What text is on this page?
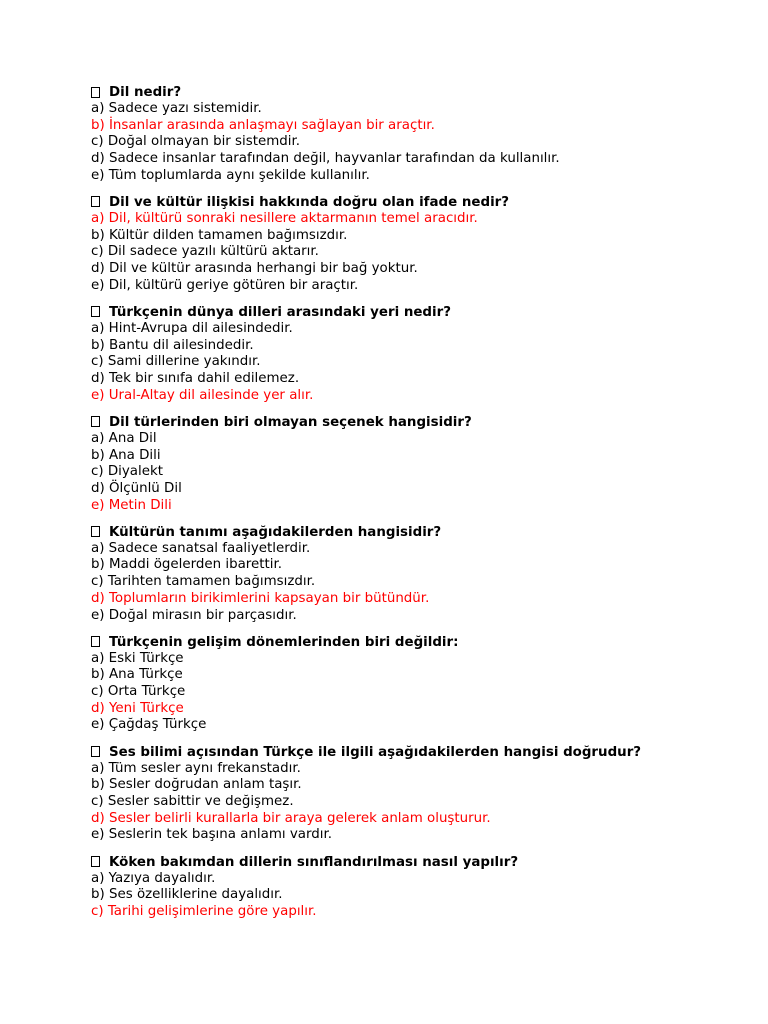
Dil nedir?
a) Sadece yazı sistemidir.
b) İnsanlar arasında anlaşmayı sağlayan bir araçtır.
c) Doğal olmayan bir sistemdir.
d) Sadece insanlar tarafından değil, hayvanlar tarafından da kullanılır.
e) Tüm toplumlarda aynı şekilde kullanılır.
Dil ve kültür ilişkisi hakkında doğru olan ifade nedir?
a) Dil, kültürü sonraki nesillere aktarmanın temel aracıdır.
b) Kültür dilden tamamen bağımsızdır.
c) Dil sadece yazılı kültürü aktarır.
d) Dil ve kültür arasında herhangi bir bağ yoktur.
e) Dil, kültürü geriye götüren bir araçtır.
Türkçenin dünya dilleri arasındaki yeri nedir?
a) Hint-Avrupa dil ailesindedir.
b) Bantu dil ailesindedir.
c) Sami dillerine yakındır.
d) Tek bir sınıfa dahil edilemez.
e) Ural-Altay dil ailesinde yer alır.
Dil türlerinden biri olmayan seçenek hangisidir?
a) Ana Dil
b) Ana Dili
c) Diyalekt
d) Ölçünlü Dil
e) Metin Dili
Kültürün tanımı aşağıdakilerden hangisidir?
a) Sadece sanatsal faaliyetlerdir.
b) Maddi ögelerden ibarettir.
c) Tarihten tamamen bağımsızdır.
d) Toplumların birikimlerini kapsayan bir bütündür.
e) Doğal mirasın bir parçasıdır.
Türkçenin gelişim dönemlerinden biri değildir:
a) Eski Türkçe
b) Ana Türkçe
c) Orta Türkçe
d) Yeni Türkçe
e) Çağdaş Türkçe
Ses bilimi açısından Türkçe ile ilgili aşağıdakilerden hangisi doğrudur?
a) Tüm sesler aynı frekanstadır.
b) Sesler doğrudan anlam taşır.
c) Sesler sabittir ve değişmez.
d) Sesler belirli kurallarla bir araya gelerek anlam oluşturur.
e) Seslerin tek başına anlamı vardır.
Köken bakımdan dillerin sınıflandırılması nasıl yapılır?
a) Yazıya dayalıdır.
b) Ses özelliklerine dayalıdır.
c) Tarihi gelişimlerine göre yapılır.
